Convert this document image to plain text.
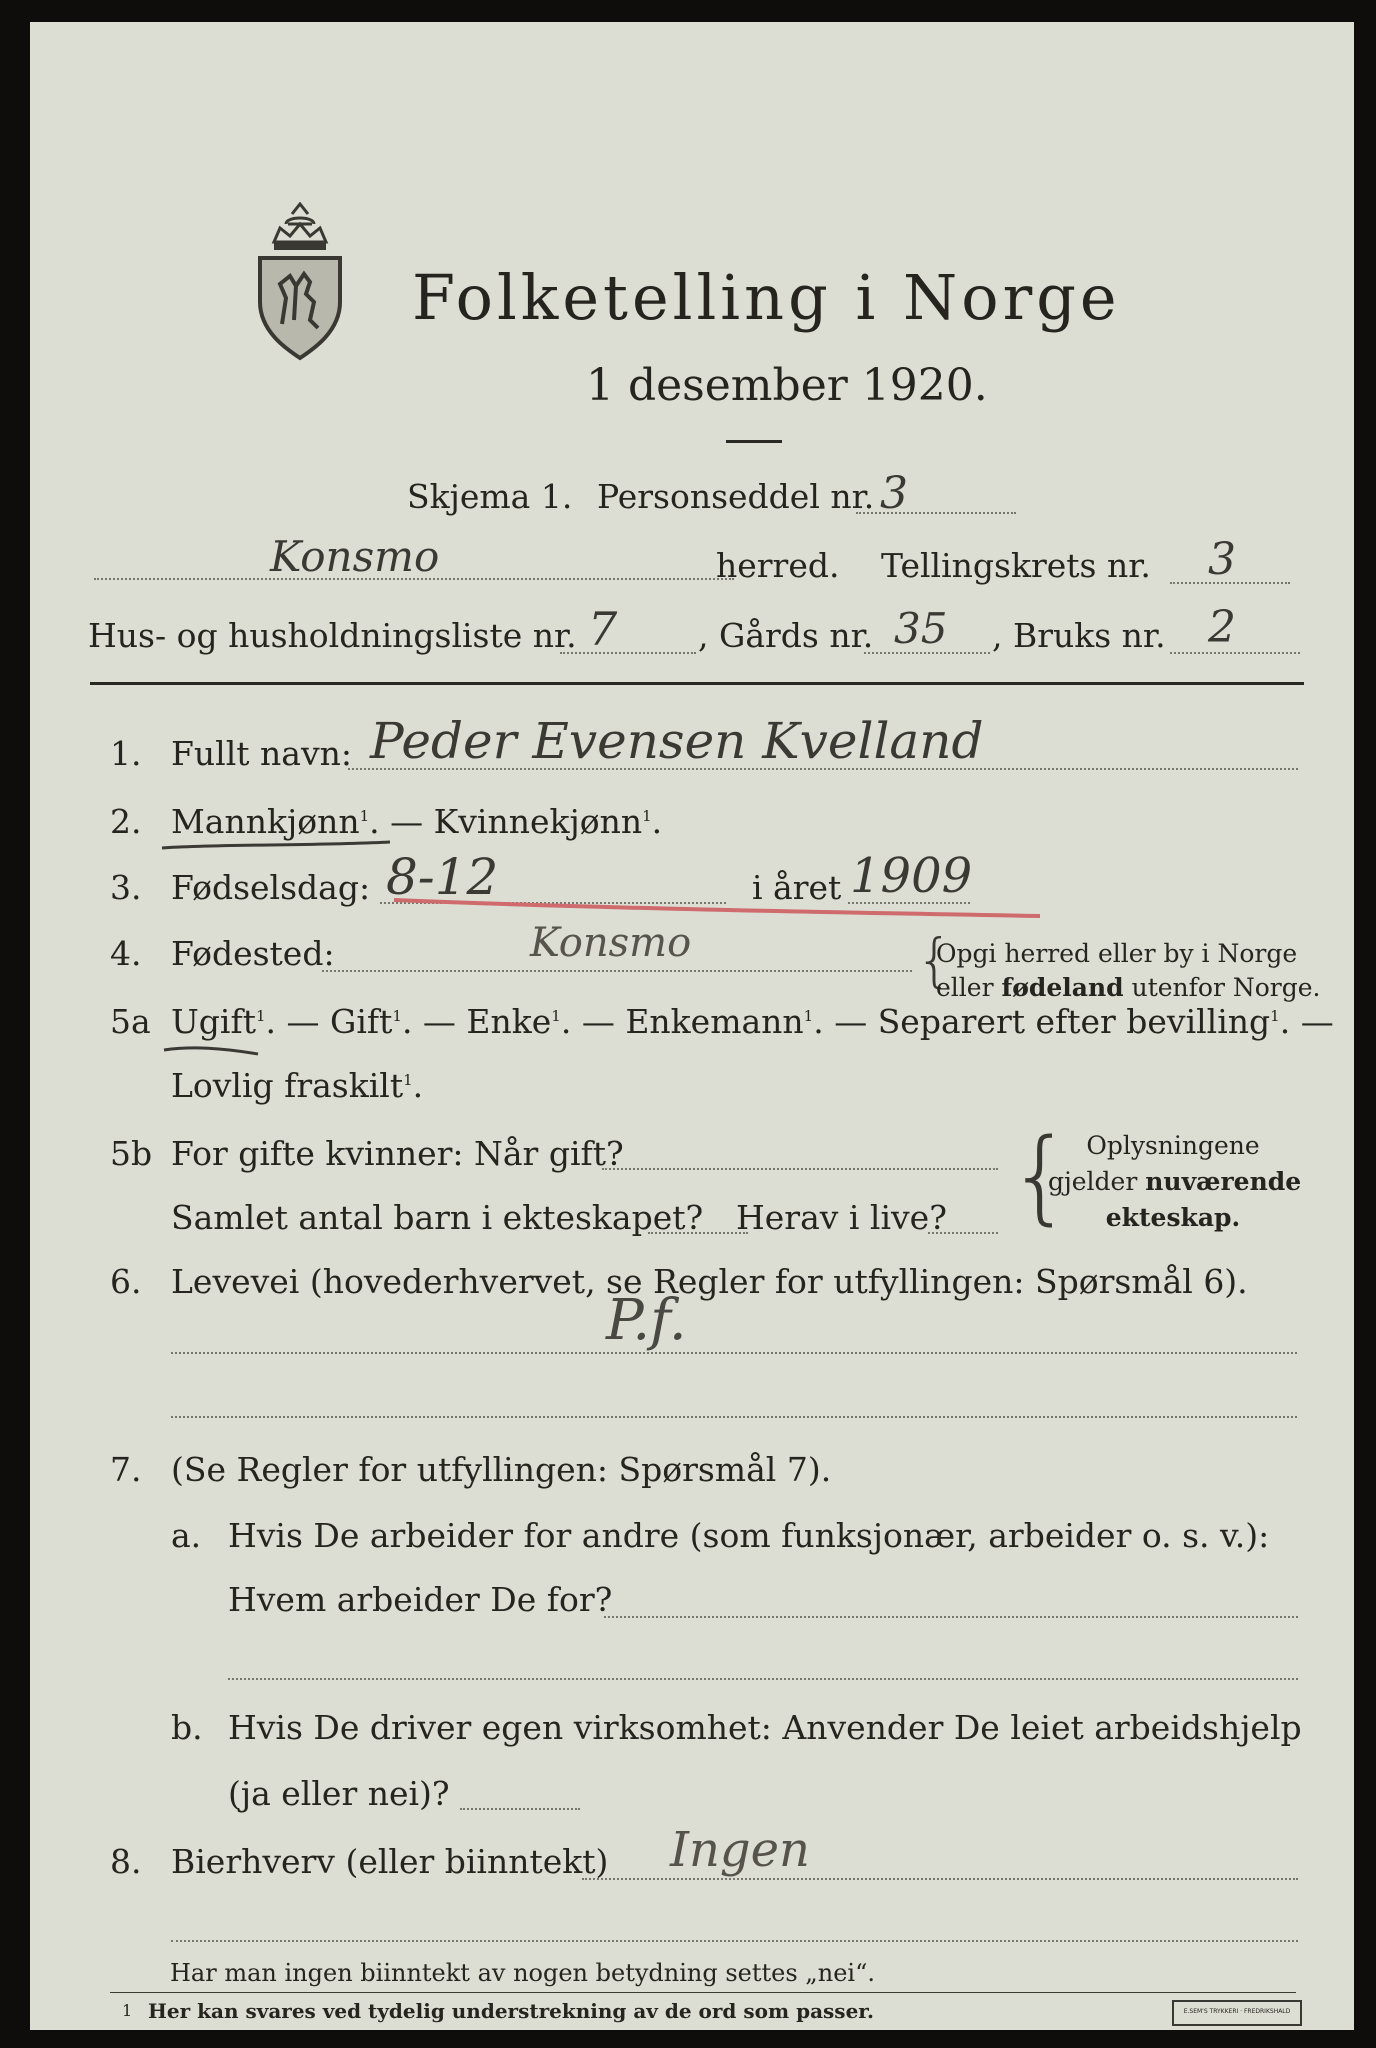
Folketelling i Norge
1 desember 1920.
Skjema 1. Personseddel nr. 3
Konsmo	herred. Tellingskrets nr. 3
Hus- og husholdningsliste nr. 7 , Gårds nr. 35 , Bruks nr. 2
1. Fullt navn: Peder Evensen Kvelland
2. Mannkjønn$^1$. — Kvinnekjønn$^1$.
3. Fødselsdag: 8-12	i året 1909
4. Fødested:	Konsmo	{
Opgi herred eller by i Norge
eller fødeland utenfor Norge.
5a Ugift$^1$. — Gift$^1$. — Enke$^1$. — Enkemann$^1$. — Separert efter bevilling$^1$. —
Lovlig fraskilt$^1$.
5b For gifte kvinner: Når gift?
Samlet antal barn i ekteskapet? Herav i live? { Oplysningene
gjelder nuværende
ekteskap.
6. Levevei (hovederhvervet, se Regler for utfyllingen: Spørsmål 6).
P.f.
7. (Se Regler for utfyllingen: Spørsmål 7).
a. Hvis De arbeider for andre (som funksjonær, arbeider o. s. v.):
Hvem arbeider De for?
b. Hvis De driver egen virksomhet: Anvender De leiet arbeidshjelp
(ja eller nei)?
8. Bierhverv (eller biinntekt) Ingen
Har man ingen biinntekt av nogen betydning settes „nei“.
1 Her kan svares ved tydelig understrekning av de ord som passer.	E.SEM'S TRYKKERI · FREDRIKSHALD
